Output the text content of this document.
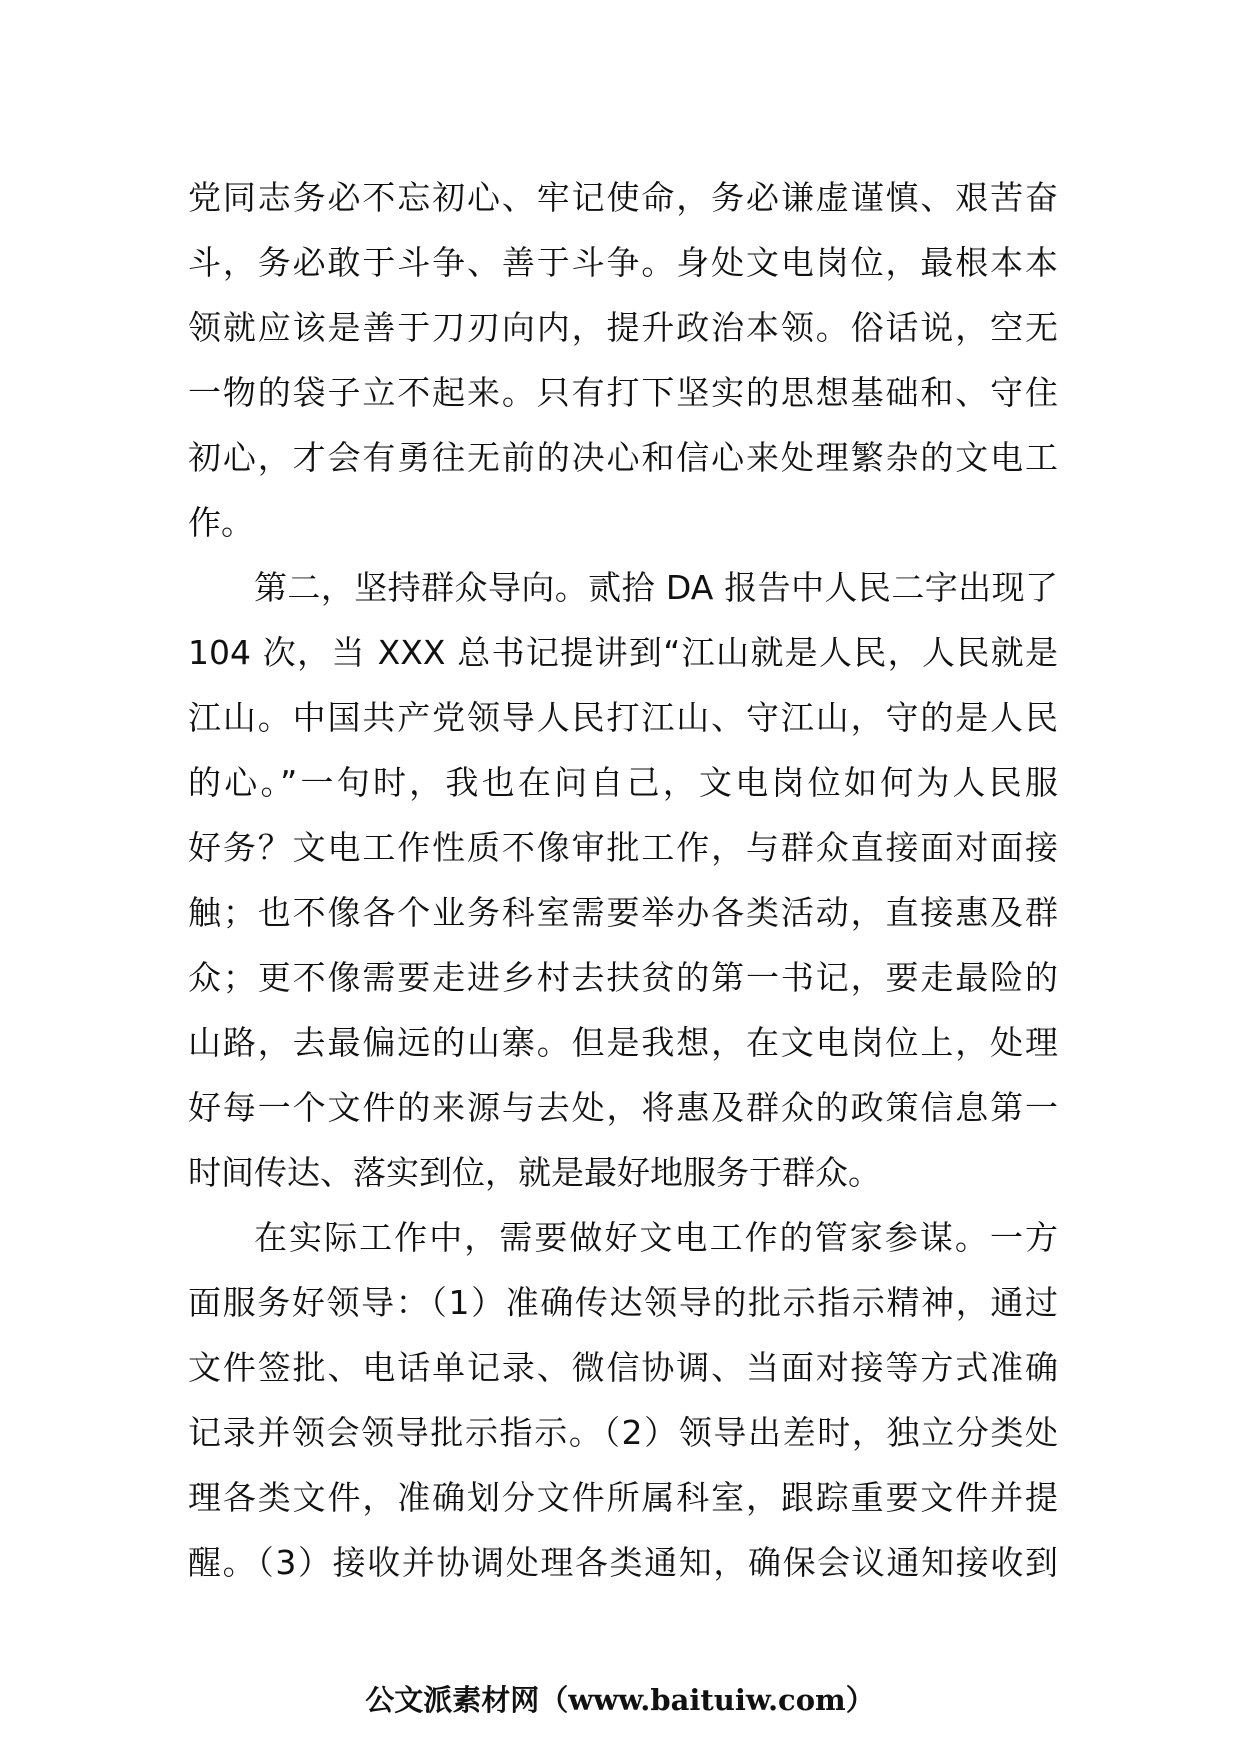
党同志务必不忘初心、牢记使命，务必谦虚谨慎、艰苦奋
斗，务必敢于斗争、善于斗争。身处文电岗位，最根本本
领就应该是善于刀刃向内，提升政治本领。俗话说，空无
一物的袋子立不起来。只有打下坚实的思想基础和、守住
初心，才会有勇往无前的决心和信心来处理繁杂的文电工
作。
第二，坚持群众导向。贰拾 DA 报告中人民二字出现了
104 次，当 XXX 总书记提讲到“江山就是人民，人民就是
江山。中国共产党领导人民打江山、守江山，守的是人民
的心。”一句时，我也在问自己，文电岗位如何为人民服
好务？文电工作性质不像审批工作，与群众直接面对面接
触；也不像各个业务科室需要举办各类活动，直接惠及群
众；更不像需要走进乡村去扶贫的第一书记，要走最险的
山路，去最偏远的山寨。但是我想，在文电岗位上，处理
好每一个文件的来源与去处，将惠及群众的政策信息第一
时间传达、落实到位，就是最好地服务于群众。
在实际工作中，需要做好文电工作的管家参谋。一方
面服务好领导：（1）准确传达领导的批示指示精神，通过
文件签批、电话单记录、微信协调、当面对接等方式准确
记录并领会领导批示指示。（2）领导出差时，独立分类处
理各类文件，准确划分文件所属科室，跟踪重要文件并提
醒。（3）接收并协调处理各类通知，确保会议通知接收到
公文派素材网（www.baituiw.com）
